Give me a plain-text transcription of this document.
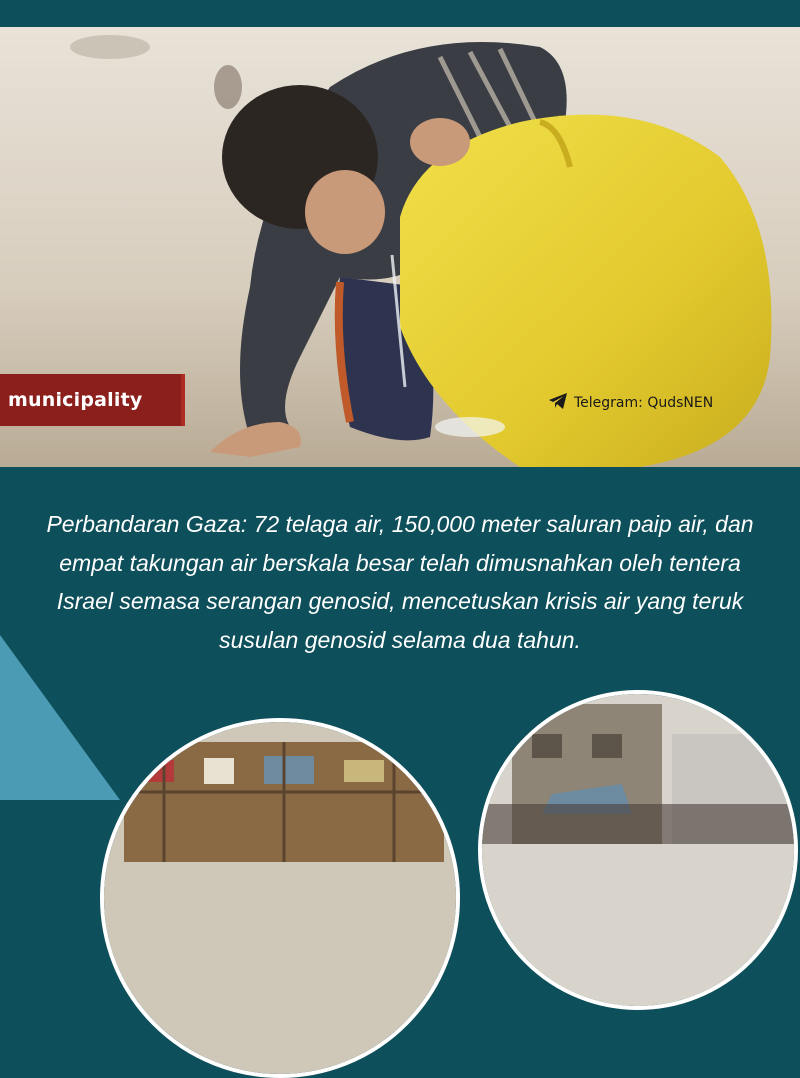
municipality	Telegram: QudsNEN
Perbandaran Gaza: 72 telaga air, 150,000 meter saluran paip air, dan empat takungan air berskala besar telah dimusnahkan oleh tentera Israel semasa serangan genosid, mencetuskan krisis air yang teruk susulan genosid selama dua tahun.
